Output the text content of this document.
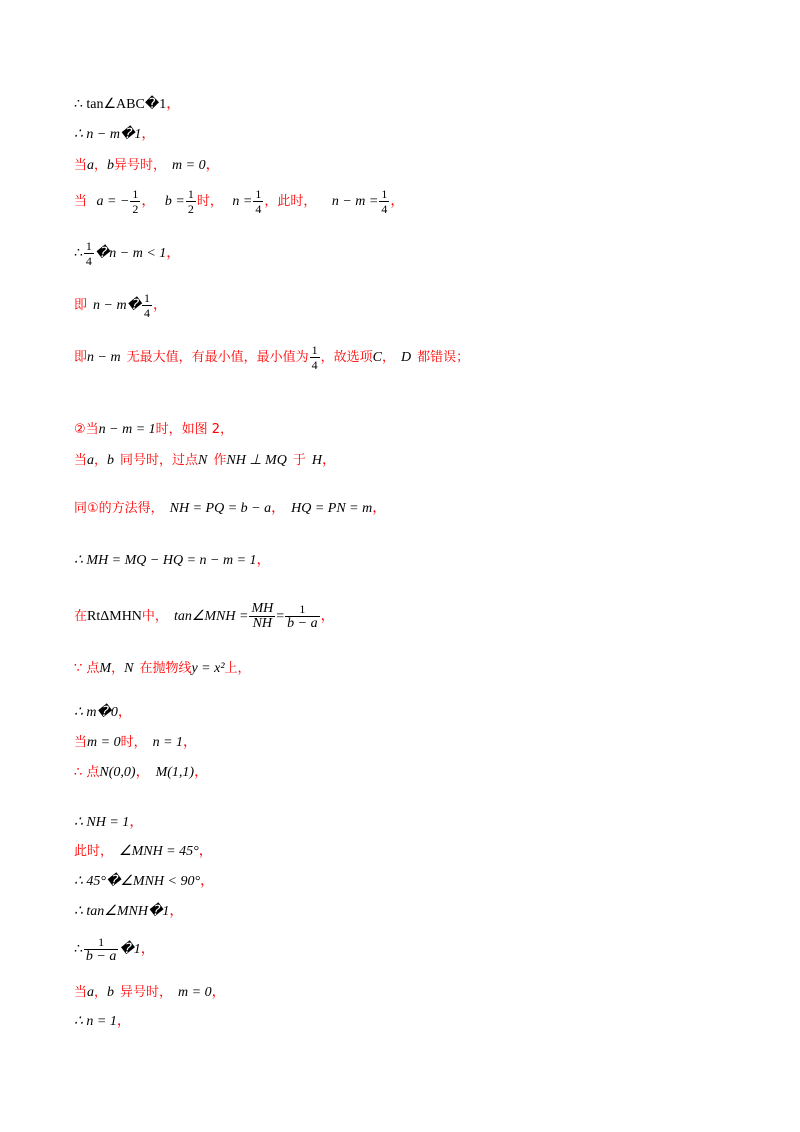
∴ tan∠ABC�1，
∴ n − m�1，
当a，b异号时， m = 0，
当 a = − $\frac{1}{2}$ ， $b = \frac{1}{2}$ 时， $n = \frac{1}{4}$ ，此时， $n - m = \frac{1}{4}$ ，
∴ $\frac{1}{4}$ �n − m < 1，
即 n − m� $\frac{1}{4}$ ，
即n − m 无最大值，有最小值，最小值为 $\frac{1}{4}$ ，故选项C， D 都错误；
②当n − m = 1时，如图 2，
当a，b 同号时，过点N 作NH ⊥ MQ 于 H，
同①的方法得， NH = PQ = b − a， HQ = PN = m，
∴ MH = MQ − HQ = n − m = 1，
在RtΔMHN中， tan∠MNH = $\frac{MH}{NH} = \frac{1}{b - a}$ ，
∵ 点M，N 在抛物线y = x²上，
∴ m�0，
当m = 0时， n = 1，
∴ 点N(0,0)， M(1,1)，
∴ NH = 1，
此时， ∠MNH = 45°，
∴ 45°�∠MNH < 90°，
∴ tan∠MNH�1，
∴ $\frac{1}{b - a}$ �1，
当a，b 异号时， m = 0，
∴ n = 1，
